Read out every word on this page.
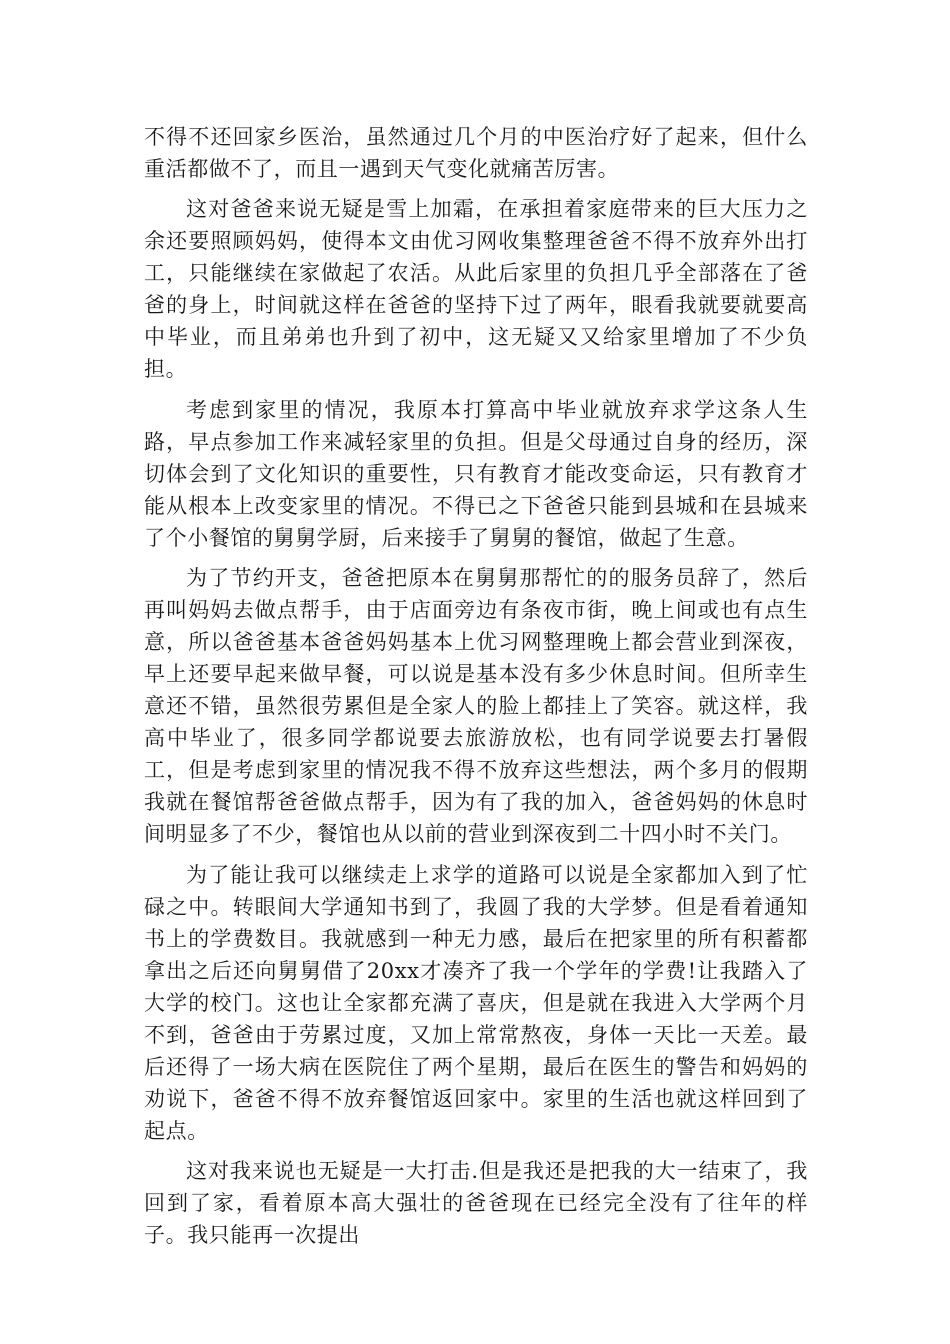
不得不还回家乡医治，虽然通过几个月的中医治疗好了起来，但什么重活都做不了，而且一遇到天气变化就痛苦厉害。

这对爸爸来说无疑是雪上加霜，在承担着家庭带来的巨大压力之余还要照顾妈妈，使得本文由优习网收集整理爸爸不得不放弃外出打工，只能继续在家做起了农活。从此后家里的负担几乎全部落在了爸爸的身上，时间就这样在爸爸的坚持下过了两年，眼看我就要就要高中毕业，而且弟弟也升到了初中，这无疑又又给家里增加了不少负担。

考虑到家里的情况，我原本打算高中毕业就放弃求学这条人生路，早点参加工作来减轻家里的负担。但是父母通过自身的经历，深切体会到了文化知识的重要性，只有教育才能改变命运，只有教育才能从根本上改变家里的情况。不得已之下爸爸只能到县城和在县城来了个小餐馆的舅舅学厨，后来接手了舅舅的餐馆，做起了生意。

为了节约开支，爸爸把原本在舅舅那帮忙的的服务员辞了，然后再叫妈妈去做点帮手，由于店面旁边有条夜市街，晚上间或也有点生意，所以爸爸基本爸爸妈妈基本上优习网整理晚上都会营业到深夜，早上还要早起来做早餐，可以说是基本没有多少休息时间。但所幸生意还不错，虽然很劳累但是全家人的脸上都挂上了笑容。就这样，我高中毕业了，很多同学都说要去旅游放松，也有同学说要去打暑假工，但是考虑到家里的情况我不得不放弃这些想法，两个多月的假期我就在餐馆帮爸爸做点帮手，因为有了我的加入，爸爸妈妈的休息时间明显多了不少，餐馆也从以前的营业到深夜到二十四小时不关门。

为了能让我可以继续走上求学的道路可以说是全家都加入到了忙碌之中。转眼间大学通知书到了，我圆了我的大学梦。但是看着通知书上的学费数目。我就感到一种无力感，最后在把家里的所有积蓄都拿出之后还向舅舅借了20xx才凑齐了我一个学年的学费!让我踏入了大学的校门。这也让全家都充满了喜庆，但是就在我进入大学两个月不到，爸爸由于劳累过度，又加上常常熬夜，身体一天比一天差。最后还得了一场大病在医院住了两个星期，最后在医生的警告和妈妈的劝说下，爸爸不得不放弃餐馆返回家中。家里的生活也就这样回到了起点。

这对我来说也无疑是一大打击.但是我还是把我的大一结束了，我回到了家，看着原本高大强壮的爸爸现在已经完全没有了往年的样子。我只能再一次提出
